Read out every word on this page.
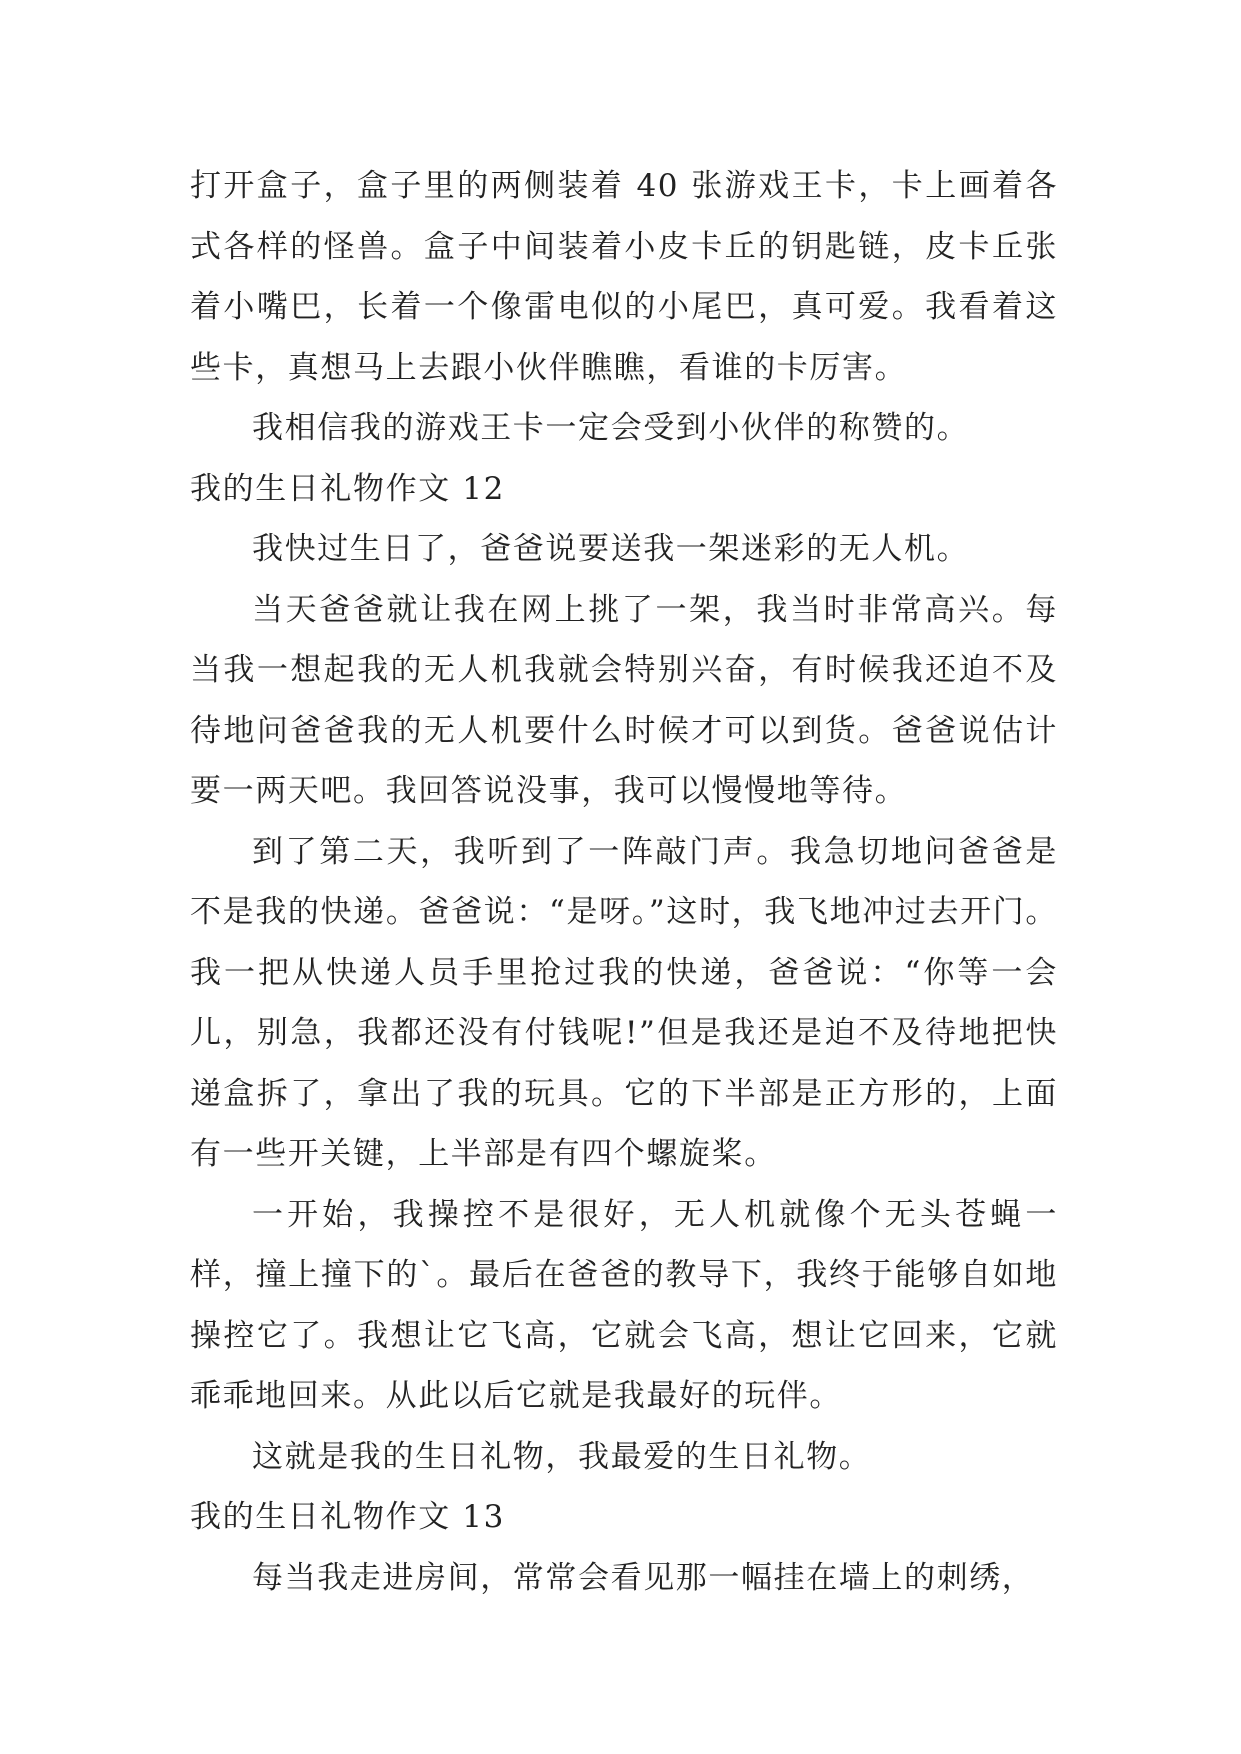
打开盒子，盒子里的两侧装着 40 张游戏王卡，卡上画着各式各样的怪兽。盒子中间装着小皮卡丘的钥匙链，皮卡丘张着小嘴巴，长着一个像雷电似的小尾巴，真可爱。我看着这些卡，真想马上去跟小伙伴瞧瞧，看谁的卡厉害。

我相信我的游戏王卡一定会受到小伙伴的称赞的。

我的生日礼物作文 12

我快过生日了，爸爸说要送我一架迷彩的无人机。

当天爸爸就让我在网上挑了一架，我当时非常高兴。每当我一想起我的无人机我就会特别兴奋，有时候我还迫不及待地问爸爸我的无人机要什么时候才可以到货。爸爸说估计要一两天吧。我回答说没事，我可以慢慢地等待。

到了第二天，我听到了一阵敲门声。我急切地问爸爸是不是我的快递。爸爸说：“是呀。”这时，我飞地冲过去开门。我一把从快递人员手里抢过我的快递，爸爸说：“你等一会儿，别急，我都还没有付钱呢!”但是我还是迫不及待地把快递盒拆了，拿出了我的玩具。它的下半部是正方形的，上面有一些开关键，上半部是有四个螺旋桨。

一开始，我操控不是很好，无人机就像个无头苍蝇一样，撞上撞下的`。最后在爸爸的教导下，我终于能够自如地操控它了。我想让它飞高，它就会飞高，想让它回来，它就乖乖地回来。从此以后它就是我最好的玩伴。

这就是我的生日礼物，我最爱的生日礼物。

我的生日礼物作文 13

每当我走进房间，常常会看见那一幅挂在墙上的刺绣，
